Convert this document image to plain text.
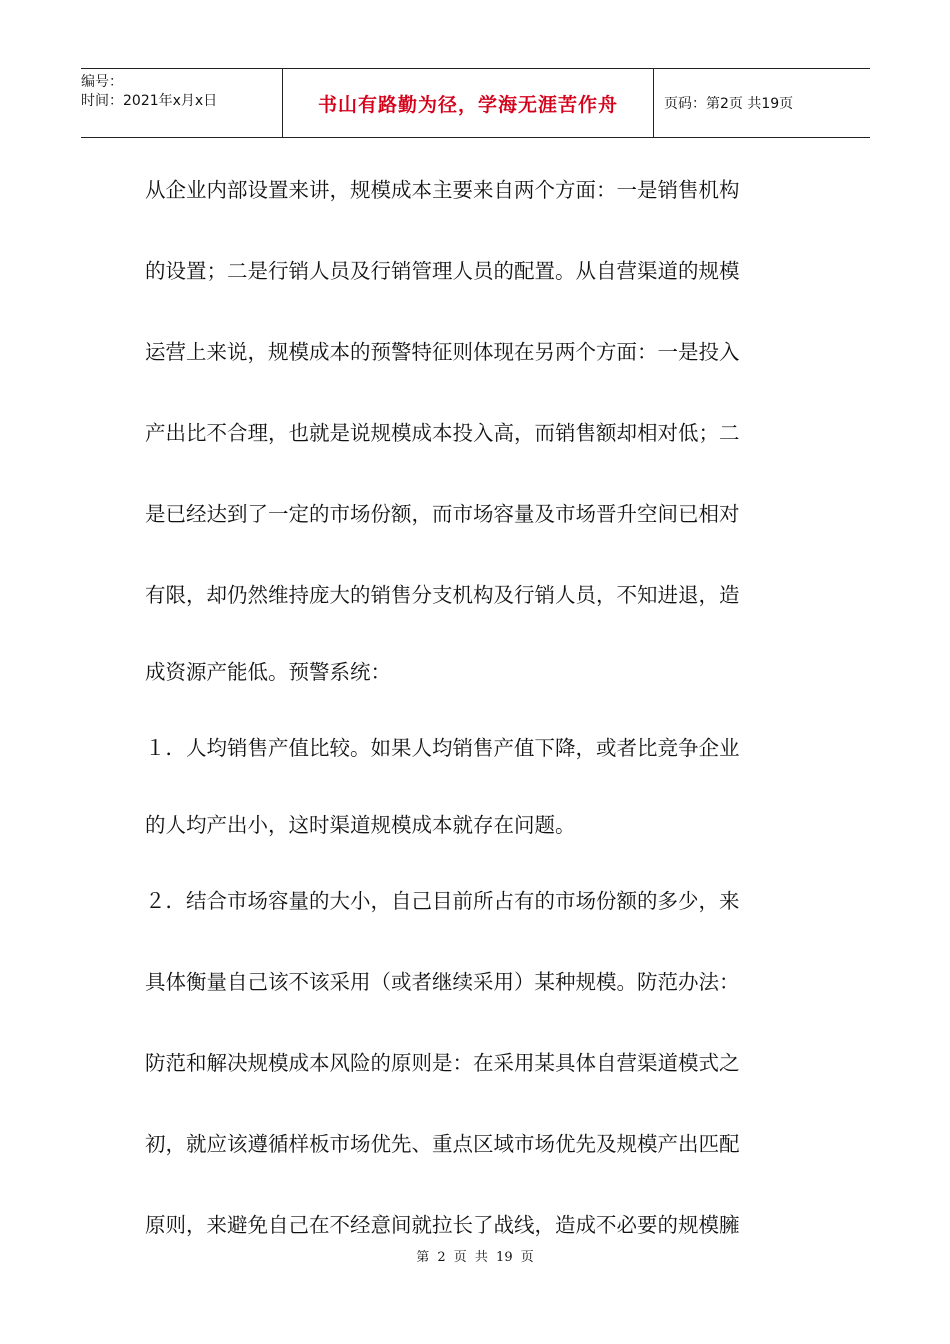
编号：
时间：2021年x月x日	书山有路勤为径，学海无涯苦作舟	页码：第2页 共19页
从企业内部设置来讲，规模成本主要来自两个方面：一是销售机构
的设置；二是行销人员及行销管理人员的配置。从自营渠道的规模
运营上来说，规模成本的预警特征则体现在另两个方面：一是投入
产出比不合理，也就是说规模成本投入高，而销售额却相对低；二
是已经达到了一定的市场份额，而市场容量及市场晋升空间已相对
有限，却仍然维持庞大的销售分支机构及行销人员，不知进退，造
成资源产能低。预警系统：
１．人均销售产值比较。如果人均销售产值下降，或者比竞争企业
的人均产出小，这时渠道规模成本就存在问题。
２．结合市场容量的大小，自己目前所占有的市场份额的多少，来
具体衡量自己该不该采用（或者继续采用）某种规模。防范办法：
防范和解决规模成本风险的原则是：在采用某具体自营渠道模式之
初，就应该遵循样板市场优先、重点区域市场优先及规模产出匹配
原则，来避免自己在不经意间就拉长了战线，造成不必要的规模臃
第 2 页 共 19 页
